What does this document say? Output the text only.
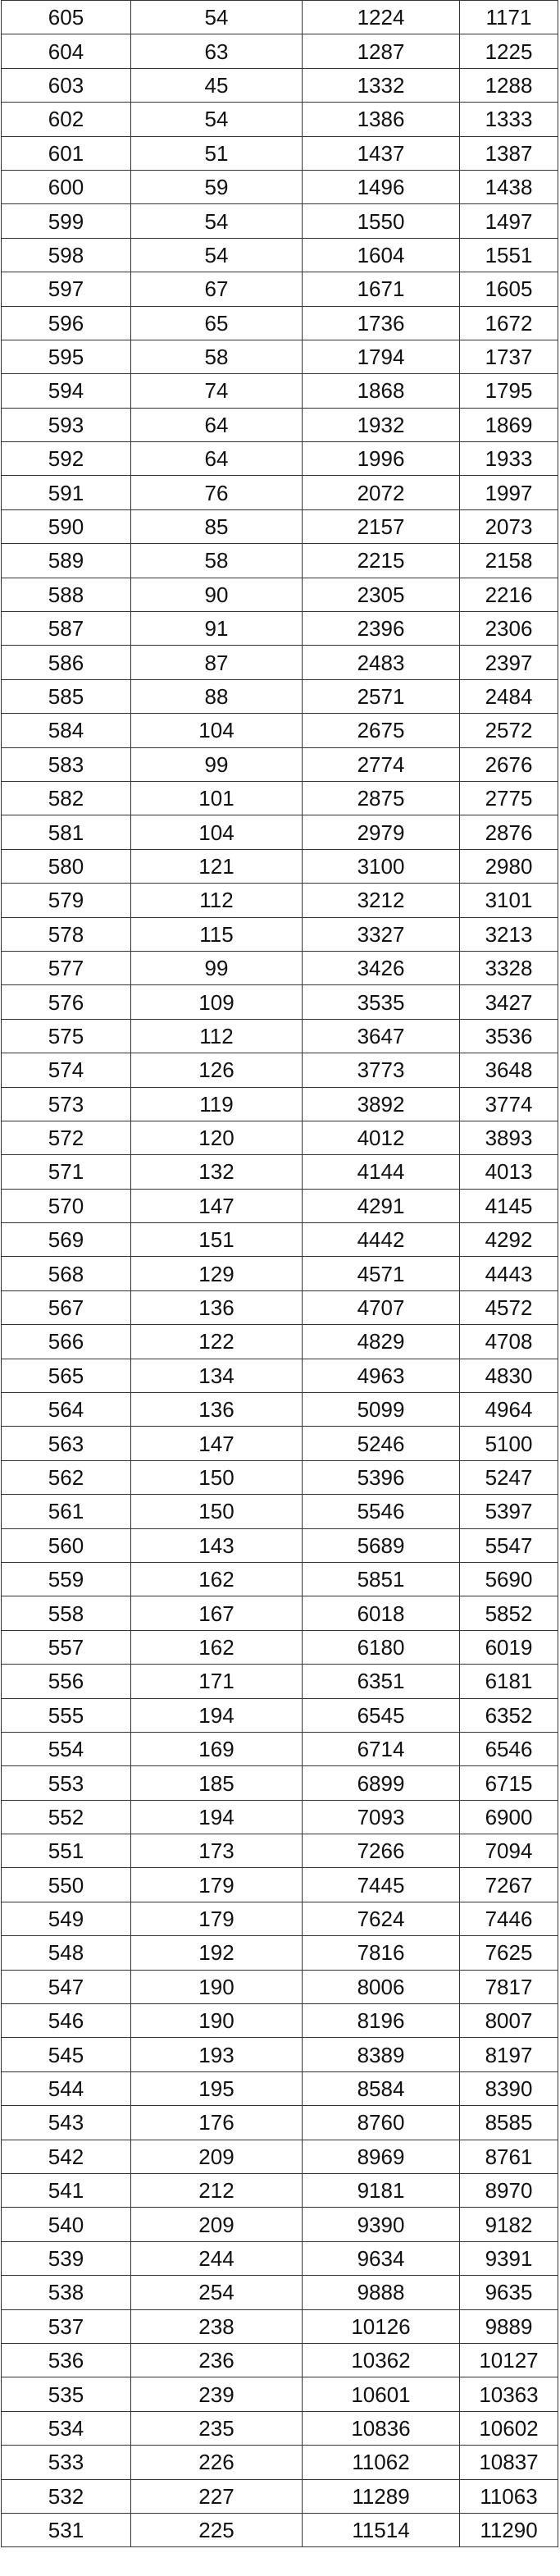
605	54	1224	1171
604	63	1287	1225
603	45	1332	1288
602	54	1386	1333
601	51	1437	1387
600	59	1496	1438
599	54	1550	1497
598	54	1604	1551
597	67	1671	1605
596	65	1736	1672
595	58	1794	1737
594	74	1868	1795
593	64	1932	1869
592	64	1996	1933
591	76	2072	1997
590	85	2157	2073
589	58	2215	2158
588	90	2305	2216
587	91	2396	2306
586	87	2483	2397
585	88	2571	2484
584	104	2675	2572
583	99	2774	2676
582	101	2875	2775
581	104	2979	2876
580	121	3100	2980
579	112	3212	3101
578	115	3327	3213
577	99	3426	3328
576	109	3535	3427
575	112	3647	3536
574	126	3773	3648
573	119	3892	3774
572	120	4012	3893
571	132	4144	4013
570	147	4291	4145
569	151	4442	4292
568	129	4571	4443
567	136	4707	4572
566	122	4829	4708
565	134	4963	4830
564	136	5099	4964
563	147	5246	5100
562	150	5396	5247
561	150	5546	5397
560	143	5689	5547
559	162	5851	5690
558	167	6018	5852
557	162	6180	6019
556	171	6351	6181
555	194	6545	6352
554	169	6714	6546
553	185	6899	6715
552	194	7093	6900
551	173	7266	7094
550	179	7445	7267
549	179	7624	7446
548	192	7816	7625
547	190	8006	7817
546	190	8196	8007
545	193	8389	8197
544	195	8584	8390
543	176	8760	8585
542	209	8969	8761
541	212	9181	8970
540	209	9390	9182
539	244	9634	9391
538	254	9888	9635
537	238	10126	9889
536	236	10362	10127
535	239	10601	10363
534	235	10836	10602
533	226	11062	10837
532	227	11289	11063
531	225	11514	11290
